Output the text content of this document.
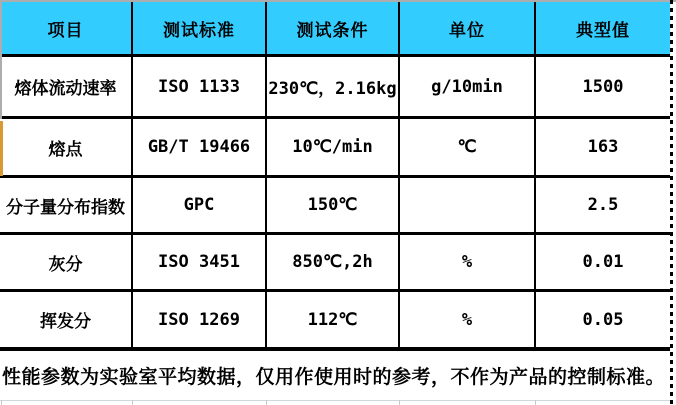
项目	测试标准	测试条件	单位	典型值
熔体流动速率	ISO 1133	230℃，2.16kg	g/10min	1500
熔点	GB/T 19466	10℃/min	℃	163
分子量分布指数	GPC	150℃		2.5
灰分	ISO 3451	850℃,2h	%	0.01
挥发分	ISO 1269	112℃	%	0.05
性能参数为实验室平均数据，仅用作使用时的参考，不作为产品的控制标准。
